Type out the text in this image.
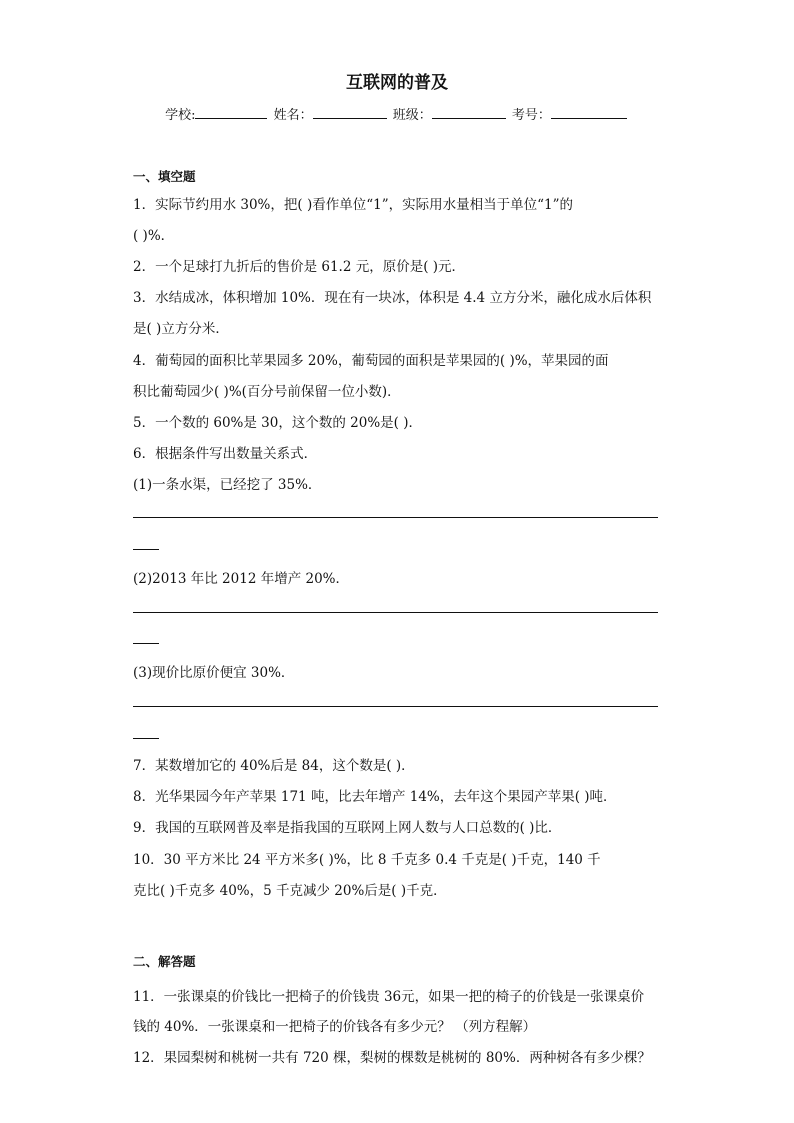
互联网的普及
学校:	姓名：	班级：	考号：
一、填空题
1．实际节约用水 30%，把( )看作单位“1”，实际用水量相当于单位“1”的
( )%．
2．一个足球打九折后的售价是 61.2 元，原价是( )元．
3．水结成冰，体积增加 10%．现在有一块冰，体积是 4.4 立方分米，融化成水后体积
是( )立方分米．
4．葡萄园的面积比苹果园多 20%，葡萄园的面积是苹果园的( )%，苹果园的面
积比葡萄园少( )%(百分号前保留一位小数)．
5．一个数的 60%是 30，这个数的 20%是( )．
6．根据条件写出数量关系式．
(1)一条水渠，已经挖了 35%．
(2)2013 年比 2012 年增产 20%．
(3)现价比原价便宜 30%．
7．某数增加它的 40%后是 84，这个数是( )．
8．光华果园今年产苹果 171 吨，比去年增产 14%，去年这个果园产苹果( )吨．
9．我国的互联网普及率是指我国的互联网上网人数与人口总数的( )比．
10．30 平方米比 24 平方米多( )%，比 8 千克多 0.4 千克是( )千克，140 千
克比( )千克多 40%，5 千克减少 20%后是( )千克．
二、解答题
11．一张课桌的价钱比一把椅子的价钱贵 36元，如果一把的椅子的价钱是一张课桌价
钱的 40%．一张课桌和一把椅子的价钱各有多少元？ （列方程解）
12．果园梨树和桃树一共有 720 棵，梨树的棵数是桃树的 80%．两种树各有多少棵？
